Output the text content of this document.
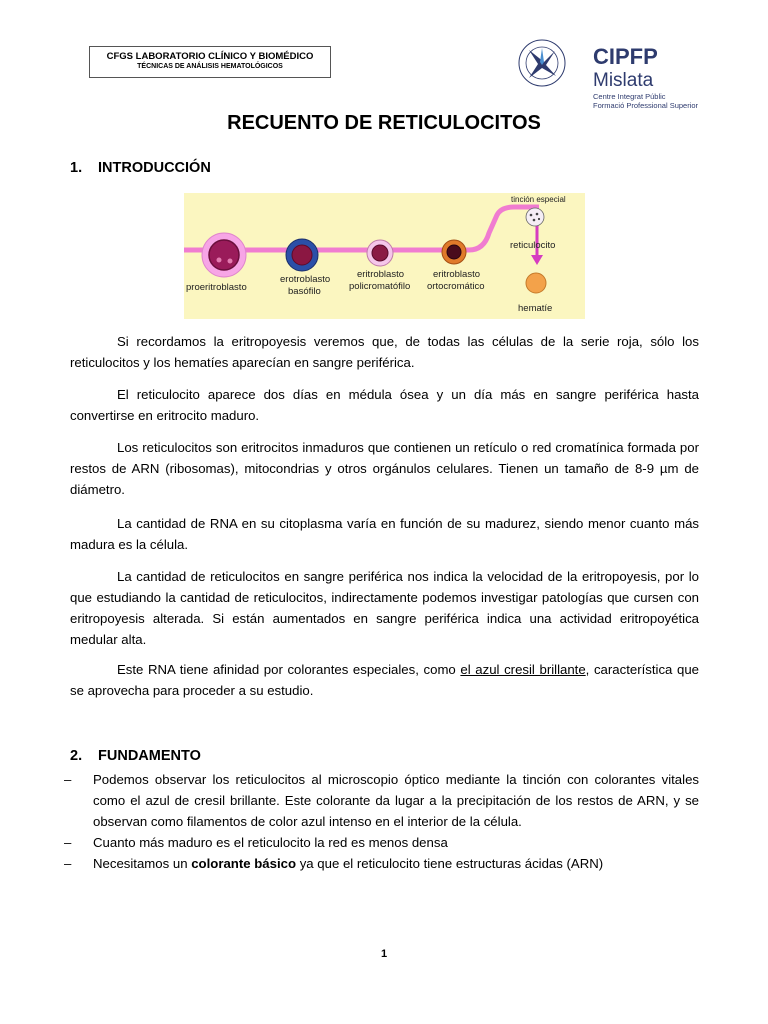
CFGS LABORATORIO CLÍNICO Y BIOMÉDICO
TÉCNICAS DE ANÁLISIS HEMATOLÓGICOS	CIPFP Mislata
Centre Integrat Públic
Formació Professional Superior
RECUENTO DE RETICULOCITOS
1. INTRODUCCIÓN
proeritroblasto
erotroblasto
basófilo
eritroblasto
policromatófilo
eritroblasto
ortocromático
reticulocito
hematíe
tinción especial

Si recordamos la eritropoyesis veremos que, de todas las células de la serie roja, sólo los reticulocitos y los hematíes aparecían en sangre periférica.

El reticulocito aparece dos días en médula ósea y un día más en sangre periférica hasta convertirse en eritrocito maduro.

Los reticulocitos son eritrocitos inmaduros que contienen un retículo o red cromatínica formada por restos de ARN (ribosomas), mitocondrias y otros orgánulos celulares. Tienen un tamaño de 8-9 µm de diámetro.

La cantidad de RNA en su citoplasma varía en función de su madurez, siendo menor cuanto más madura es la célula.

La cantidad de reticulocitos en sangre periférica nos indica la velocidad de la eritropoyesis, por lo que estudiando la cantidad de reticulocitos, indirectamente podemos investigar patologías que cursen con eritropoyesis alterada. Si están aumentados en sangre periférica indica una actividad eritropoyética medular alta.

Este RNA tiene afinidad por colorantes especiales, como el azul cresil brillante, característica que se aprovecha para proceder a su estudio.

2. FUNDAMENTO
– Podemos observar los reticulocitos al microscopio óptico mediante la tinción con colorantes vitales como el azul de cresil brillante. Este colorante da lugar a la precipitación de los restos de ARN, y se observan como filamentos de color azul intenso en el interior de la célula.
– Cuanto más maduro es el reticulocito la red es menos densa
– Necesitamos un colorante básico ya que el reticulocito tiene estructuras ácidas (ARN)
1
